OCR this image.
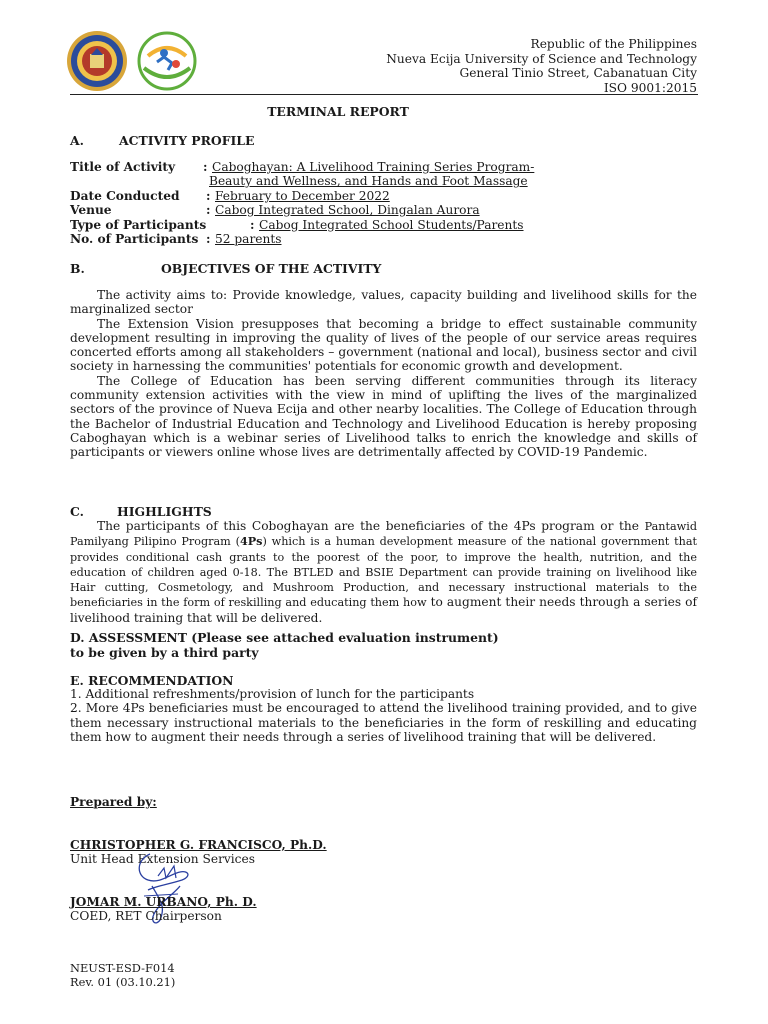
Republic of the Philippines
Nueva Ecija University of Science and Technology
General Tinio Street, Cabanatuan City
ISO 9001:2015
TERMINAL REPORT
A.	ACTIVITY PROFILE
Title of Activity : Caboghayan: A Livelihood Training Series Program-
Beauty and Wellness, and Hands and Foot Massage
Date Conducted : February to December 2022
Venue	: Cabog Integrated School, Dingalan Aurora
Type of Participants	: Cabog Integrated School Students/Parents
No. of Participants : 52 parents
B.	OBJECTIVES OF THE ACTIVITY

The activity aims to: Provide knowledge, values, capacity building and livelihood skills for the marginalized sector

The Extension Vision presupposes that becoming a bridge to effect sustainable community development resulting in improving the quality of lives of the people of our service areas requires concerted efforts among all stakeholders – government (national and local), business sector and civil society in harnessing the communities' potentials for economic growth and development.

The College of Education has been serving different communities through its literacy community extension activities with the view in mind of uplifting the lives of the marginalized sectors of the province of Nueva Ecija and other nearby localities. The College of Education through the Bachelor of Industrial Education and Technology and Livelihood Education is hereby proposing Caboghayan which is a webinar series of Livelihood talks to enrich the knowledge and skills of participants or viewers online whose lives are detrimentally affected by COVID-19 Pandemic.

C.	HIGHLIGHTS

The participants of this Coboghayan are the beneficiaries of the 4Ps program or the Pantawid Pamilyang Pilipino Program (4Ps) which is a human development measure of the national government that provides conditional cash grants to the poorest of the poor, to improve the health, nutrition, and the education of children aged 0-18. The BTLED and BSIE Department can provide training on livelihood like Hair cutting, Cosmetology, and Mushroom Production, and necessary instructional materials to the beneficiaries in the form of reskilling and educating them how to augment their needs through a series of livelihood training that will be delivered.

D. ASSESSMENT (Please see attached evaluation instrument)
to be given by a third party
E. RECOMMENDATION

1. Additional refreshments/provision of lunch for the participants

2. More 4Ps beneficiaries must be encouraged to attend the livelihood training provided, and to give them necessary instructional materials to the beneficiaries in the form of reskilling and educating them how to augment their needs through a series of livelihood training that will be delivered.

Prepared by:
CHRISTOPHER G. FRANCISCO, Ph.D.
Unit Head Extension Services
JOMAR M. URBANO, Ph. D.
COED, RET Chairperson
NEUST-ESD-F014
Rev. 01 (03.10.21)
